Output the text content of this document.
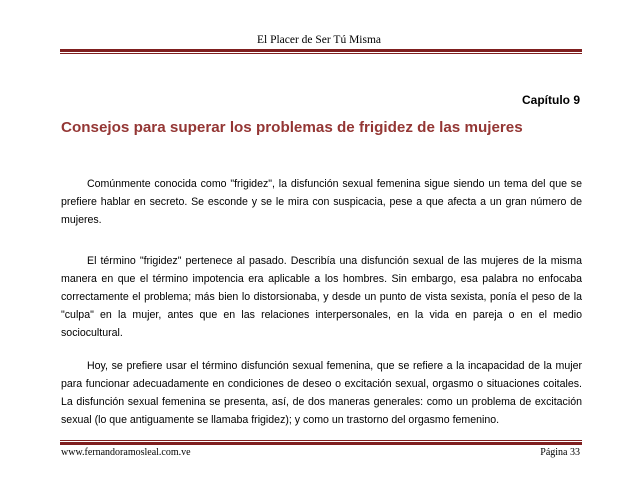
El Placer de Ser Tú Misma
Capítulo 9
Consejos para superar los problemas de frigidez de las mujeres

Comúnmente conocida como "frigidez", la disfunción sexual femenina sigue siendo un tema del que se prefiere hablar en secreto. Se esconde y se le mira con suspicacia, pese a que afecta a un gran número de mujeres.

El término "frigidez" pertenece al pasado. Describía una disfunción sexual de las mujeres de la misma manera en que el término impotencia era aplicable a los hombres. Sin embargo, esa palabra no enfocaba correctamente el problema; más bien lo distorsionaba, y desde un punto de vista sexista, ponía el peso de la "culpa" en la mujer, antes que en las relaciones interpersonales, en la vida en pareja o en el medio sociocultural.

Hoy, se prefiere usar el término disfunción sexual femenina, que se refiere a la incapacidad de la mujer para funcionar adecuadamente en condiciones de deseo o excitación sexual, orgasmo o situaciones coitales. La disfunción sexual femenina se presenta, así, de dos maneras generales: como un problema de excitación sexual (lo que antiguamente se llamaba frigidez); y como un trastorno del orgasmo femenino.

www.fernandoramosleal.com.ve	Página 33
